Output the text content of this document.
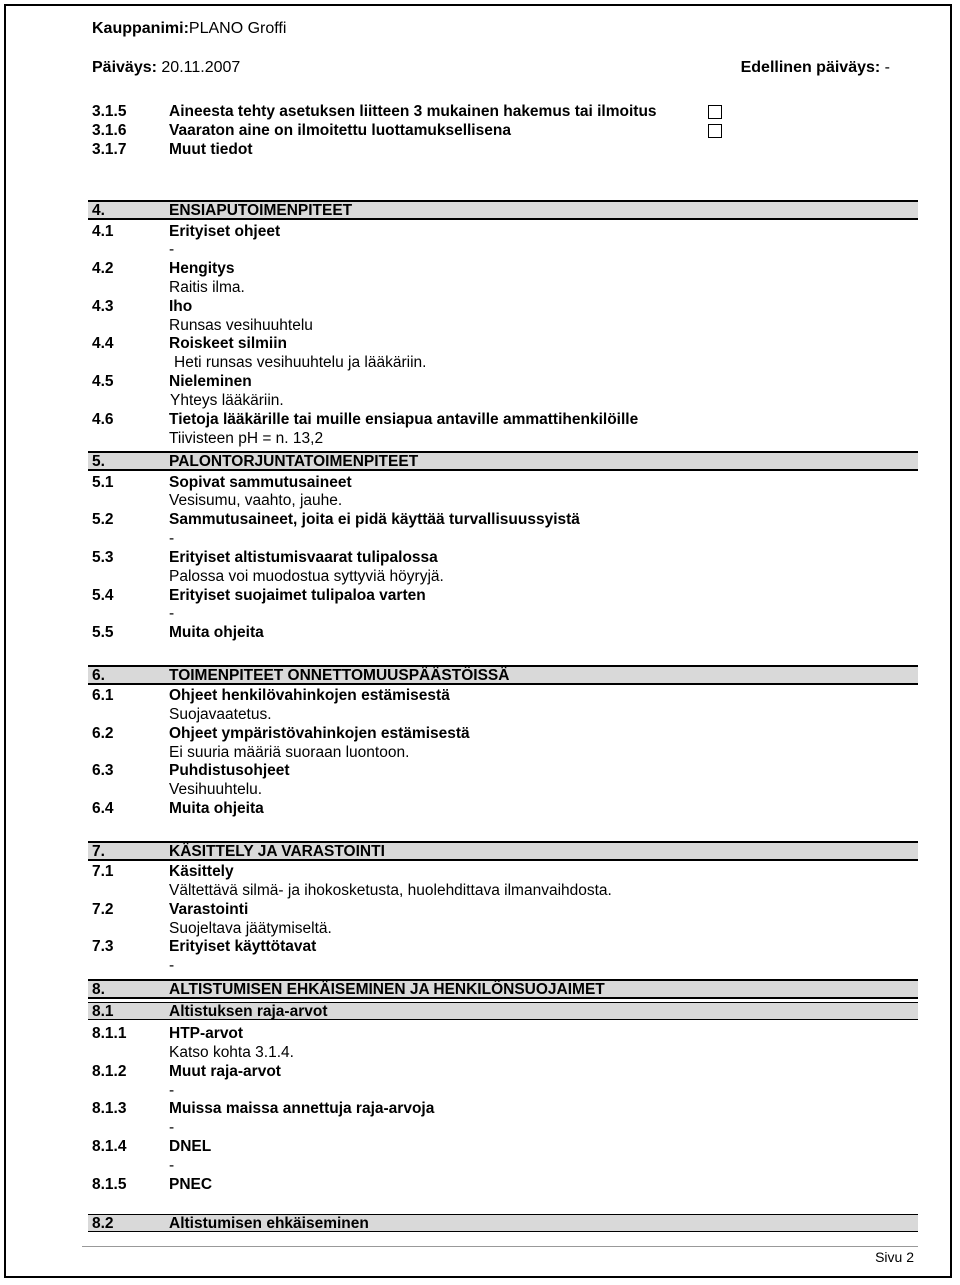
Kauppanimi:PLANO Groffi
Päiväys: 20.11.2007	Edellinen päiväys: -
3.1.5	Aineesta tehty asetuksen liitteen 3 mukainen hakemus tai ilmoitus
3.1.6	Vaaraton aine on ilmoitettu luottamuksellisena
3.1.7	Muut tiedot
4.	ENSIAPUTOIMENPITEET
4.1	Erityiset ohjeet
-
4.2	Hengitys
Raitis ilma.
4.3	Iho
Runsas vesihuuhtelu
4.4	Roiskeet silmiin
Heti runsas vesihuuhtelu ja lääkäriin.
4.5	Nieleminen
Yhteys lääkäriin.
4.6	Tietoja lääkärille tai muille ensiapua antaville ammattihenkilöille
Tiivisteen pH = n. 13,2
5.	PALONTORJUNTATOIMENPITEET
5.1	Sopivat sammutusaineet
Vesisumu, vaahto, jauhe.
5.2	Sammutusaineet, joita ei pidä käyttää turvallisuussyistä
-
5.3	Erityiset altistumisvaarat tulipalossa
Palossa voi muodostua syttyviä höyryjä.
5.4	Erityiset suojaimet tulipaloa varten
-
5.5	Muita ohjeita
6.	TOIMENPITEET ONNETTOMUUSPÄÄSTÖISSÄ
6.1	Ohjeet henkilövahinkojen estämisestä
Suojavaatetus.
6.2	Ohjeet ympäristövahinkojen estämisestä
Ei suuria määriä suoraan luontoon.
6.3	Puhdistusohjeet
Vesihuuhtelu.
6.4	Muita ohjeita
7.	KÄSITTELY JA VARASTOINTI
7.1	Käsittely
Vältettävä silmä- ja ihokosketusta, huolehdittava ilmanvaihdosta.
7.2	Varastointi
Suojeltava jäätymiseltä.
7.3	Erityiset käyttötavat
-
8.	ALTISTUMISEN EHKÄISEMINEN JA HENKILÖNSUOJAIMET
8.1	Altistuksen raja-arvot
8.1.1	HTP-arvot
Katso kohta 3.1.4.
8.1.2	Muut raja-arvot
-
8.1.3	Muissa maissa annettuja raja-arvoja
-
8.1.4	DNEL
-
8.1.5	PNEC
8.2	Altistumisen ehkäiseminen
Sivu 2
